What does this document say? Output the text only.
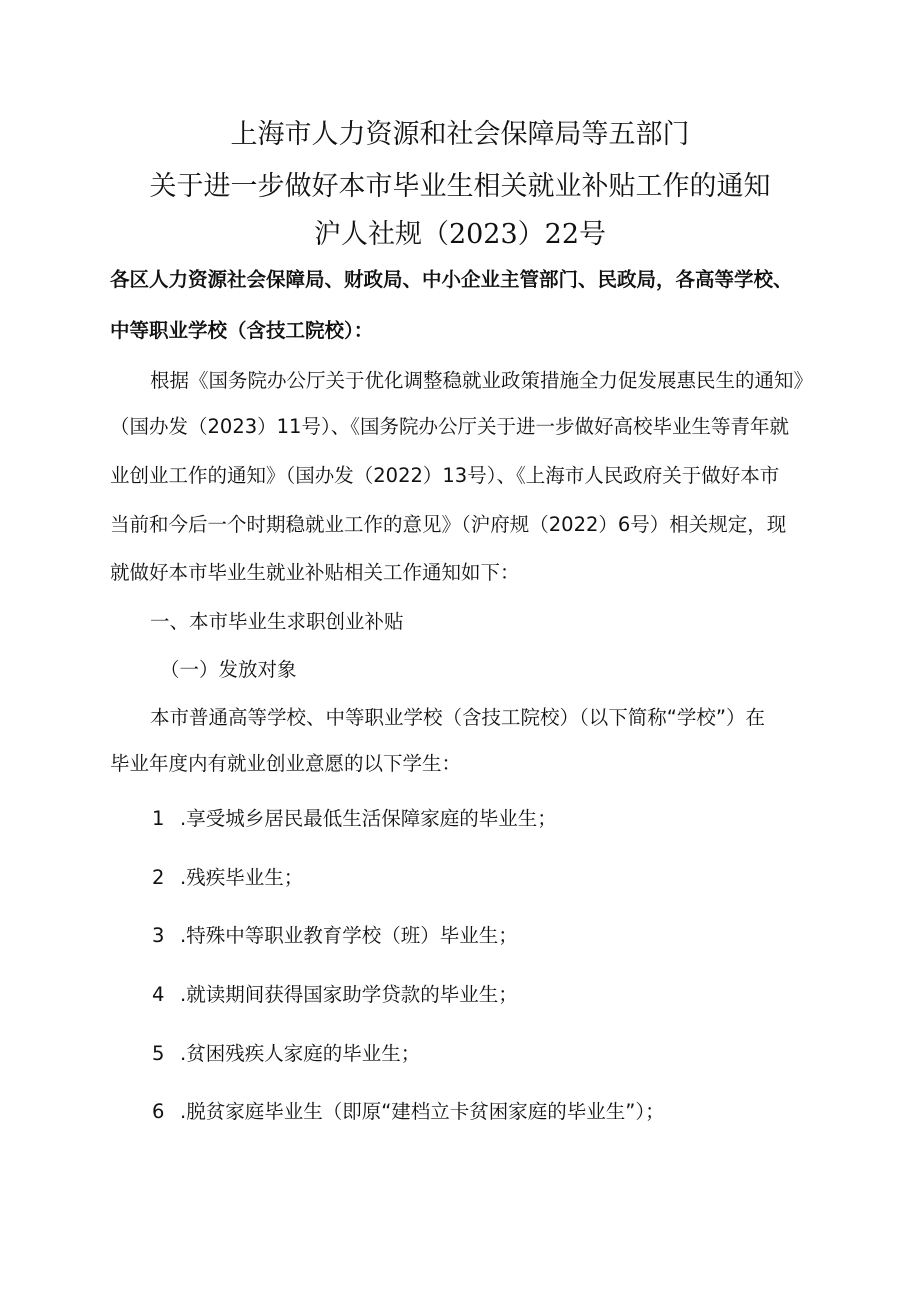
上海市人力资源和社会保障局等五部门
关于进一步做好本市毕业生相关就业补贴工作的通知
沪人社规（2023）22号
各区人力资源社会保障局、财政局、中小企业主管部门、民政局，各高等学校、
中等职业学校（含技工院校）：
根据《国务院办公厅关于优化调整稳就业政策措施全力促发展惠民生的通知》
（国办发（2023）11号）、《国务院办公厅关于进一步做好高校毕业生等青年就
业创业工作的通知》（国办发（2022）13号）、《上海市人民政府关于做好本市
当前和今后一个时期稳就业工作的意见》（沪府规（2022）6号）相关规定，现
就做好本市毕业生就业补贴相关工作通知如下：
一、本市毕业生求职创业补贴
（一）发放对象
本市普通高等学校、中等职业学校（含技工院校）（以下简称“学校”）在
毕业年度内有就业创业意愿的以下学生：
1 .享受城乡居民最低生活保障家庭的毕业生；
2 .残疾毕业生；
3 .特殊中等职业教育学校（班）毕业生；
4 .就读期间获得国家助学贷款的毕业生；
5 .贫困残疾人家庭的毕业生；
6 .脱贫家庭毕业生（即原“建档立卡贫困家庭的毕业生”）；
